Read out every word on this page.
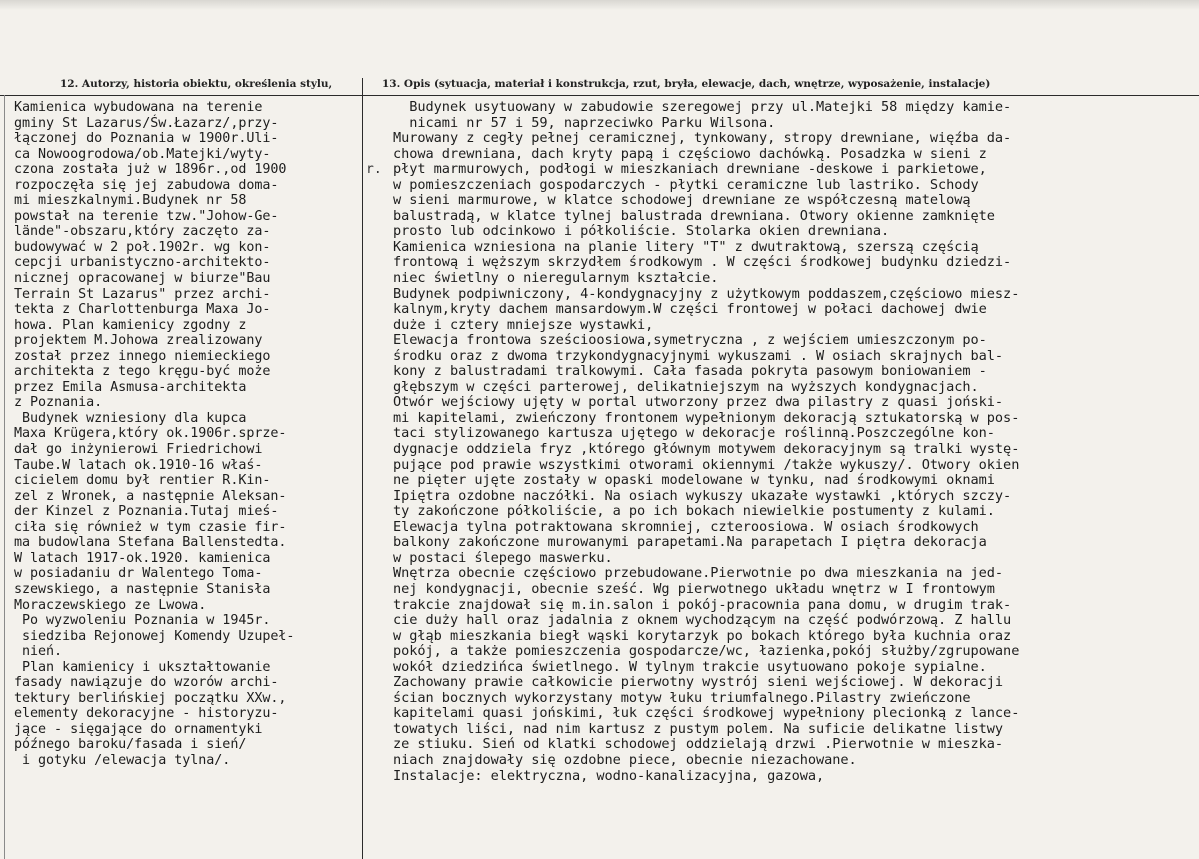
12. Autorzy, historia obiektu, określenia stylu,	13. Opis (sytuacja, materiał i konstrukcja, rzut, bryła, elewacje, dach, wnętrze, wyposażenie, instalacje)
Kamienica wybudowana na terenie
gminy St Lazarus/Św.Łazarz/,przy-
łączonej do Poznania w 1900r.Uli-
ca Nowoogrodowa/ob.Matejki/wyty-
czona została już w 1896r.,od 1900
rozpoczęła się jej zabudowa doma-
mi mieszkalnymi.Budynek nr 58
powstał na terenie tzw."Johow-Ge-
lände"-obszaru,który zaczęto za-
budowywać w 2 poł.1902r. wg kon-
cepcji urbanistyczno-architekto-
nicznej opracowanej w biurze"Bau
Terrain St Lazarus" przez archi-
tekta z Charlottenburga Maxa Jo-
howa. Plan kamienicy zgodny z
projektem M.Johowa zrealizowany
został przez innego niemieckiego
architekta z tego kręgu-być może
przez Emila Asmusa-architekta
z Poznania.
Budynek wzniesiony dla kupca
Maxa Krügera,który ok.1906r.sprze-
dał go inżynierowi Friedrichowi
Taube.W latach ok.1910-16 właś-
cicielem domu był rentier R.Kin-
zel z Wronek, a następnie Aleksan-
der Kinzel z Poznania.Tutaj mieś-
ciła się również w tym czasie fir-
ma budowlana Stefana Ballenstedta.
W latach 1917-ok.1920. kamienica
w posiadaniu dr Walentego Toma-
szewskiego, a następnie Stanisła
Moraczewskiego ze Lwowa.
Po wyzwoleniu Poznania w 1945r.
siedziba Rejonowej Komendy Uzupeł-
nień.
Plan kamienicy i ukształtowanie
fasady nawiązuje do wzorów archi-
tektury berlińskiej początku XXw.,
elementy dekoracyjne - historyzu-
jące - sięgające do ornamentyki
późnego baroku/fasada i sień/
i gotyku /elewacja tylna/.
Budynek usytuowany w zabudowie szeregowej przy ul.Matejki 58 między kamie-
nicami nr 57 i 59, naprzeciwko Parku Wilsona.
Murowany z cegły pełnej ceramicznej, tynkowany, stropy drewniane, więźba da-
chowa drewniana, dach kryty papą i częściowo dachówką. Posadzka w sieni z
płyt marmurowych, podłogi w mieszkaniach drewniane -deskowe i parkietowe,
w pomieszczeniach gospodarczych - płytki ceramiczne lub lastriko. Schody
w sieni marmurowe, w klatce schodowej drewniane ze współczesną matelową
balustradą, w klatce tylnej balustrada drewniana. Otwory okienne zamknięte
prosto lub odcinkowo i półkoliście. Stolarka okien drewniana.
Kamienica wzniesiona na planie litery "T" z dwutraktową, szerszą częścią
frontową i węższym skrzydłem środkowym . W części środkowej budynku dziedzi-
niec świetlny o nieregularnym kształcie.
Budynek podpiwniczony, 4-kondygnacyjny z użytkowym poddaszem,częściowo miesz-
kalnym,kryty dachem mansardowym.W części frontowej w połaci dachowej dwie
duże i cztery mniejsze wystawki,
Elewacja frontowa sześcioosiowa,symetryczna , z wejściem umieszczonym po-
środku oraz z dwoma trzykondygnacyjnymi wykuszami . W osiach skrajnych bal-
kony z balustradami tralkowymi. Cała fasada pokryta pasowym boniowaniem -
głębszym w części parterowej, delikatniejszym na wyższych kondygnacjach.
Otwór wejściowy ujęty w portal utworzony przez dwa pilastry z quasi joński-
mi kapitelami, zwieńczony frontonem wypełnionym dekoracją sztukatorską w pos-
taci stylizowanego kartusza ujętego w dekoracje roślinną.Poszczególne kon-
dygnacje oddziela fryz ,którego głównym motywem dekoracyjnym są tralki wystę-
pujące pod prawie wszystkimi otworami okiennymi /także wykuszy/. Otwory okien
ne pięter ujęte zostały w opaski modelowane w tynku, nad środkowymi oknami
Ipiętra ozdobne naczółki. Na osiach wykuszy ukazałe wystawki ,których szczy-
ty zakończone półkoliście, a po ich bokach niewielkie postumenty z kulami.
Elewacja tylna potraktowana skromniej, czteroosiowa. W osiach środkowych
balkony zakończone murowanymi parapetami.Na parapetach I piętra dekoracja
w postaci ślepego maswerku.
Wnętrza obecnie częściowo przebudowane.Pierwotnie po dwa mieszkania na jed-
nej kondygnacji, obecnie sześć. Wg pierwotnego układu wnętrz w I frontowym
trakcie znajdował się m.in.salon i pokój-pracownia pana domu, w drugim trak-
cie duży hall oraz jadalnia z oknem wychodzącym na część podwórzową. Z hallu
w głąb mieszkania biegł wąski korytarzyk po bokach którego była kuchnia oraz
pokój, a także pomieszczenia gospodarcze/wc, łazienka,pokój służby/zgrupowane
wokół dziedzińca świetlnego. W tylnym trakcie usytuowano pokoje sypialne.
Zachowany prawie całkowicie pierwotny wystrój sieni wejściowej. W dekoracji
ścian bocznych wykorzystany motyw łuku triumfalnego.Pilastry zwieńczone
kapitelami quasi jońskimi, łuk części środkowej wypełniony plecionką z lance-
towatych liści, nad nim kartusz z pustym polem. Na suficie delikatne listwy
ze stiuku. Sień od klatki schodowej oddzielają drzwi .Pierwotnie w mieszka-
niach znajdowały się ozdobne piece, obecnie niezachowane.
Instalacje: elektryczna, wodno-kanalizacyjna, gazowa,
r.
